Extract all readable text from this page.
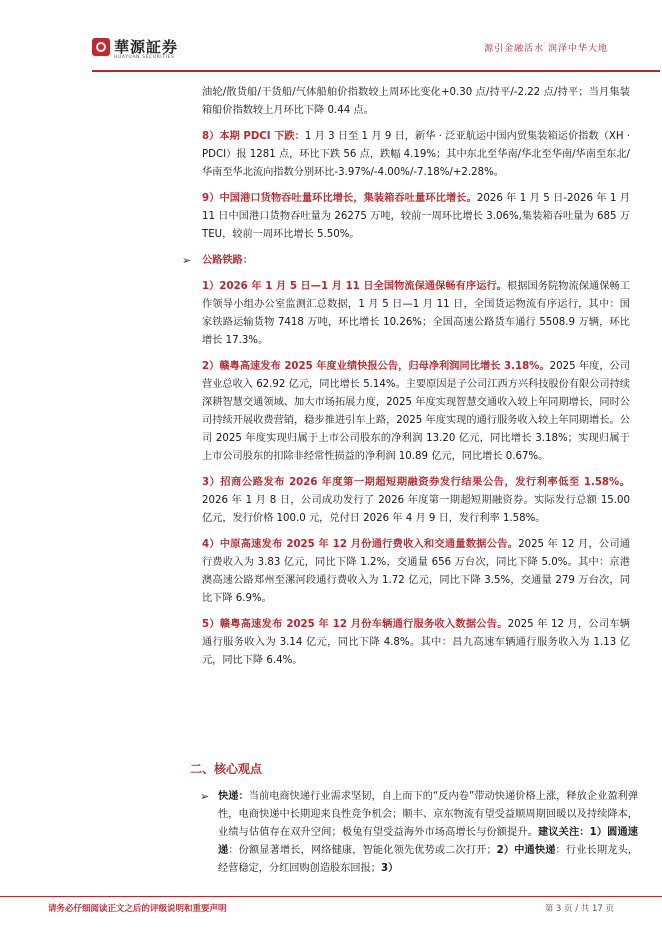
華源証券
HUAYUAN SECURITIES
源引金融活水 润泽中华大地

油轮/散货船/干货船/气体船舶价指数较上周环比变化+0.30 点/持平/-2.22 点/持平；当月集装箱船价指数较上月环比下降 0.44 点。

8）本期 PDCI 下跌：1 月 3 日至 1 月 9 日，新华 · 泛亚航运中国内贸集装箱运价指数（XH · PDCI）报 1281 点，环比下跌 56 点，跌幅 4.19%；其中东北至华南/华北至华南/华南至东北/华南至华北流向指数分别环比-3.97%/-4.00%/-7.18%/+2.28%。

9）中国港口货物吞吐量环比增长，集装箱吞吐量环比增长。2026 年 1 月 5 日-2026 年 1 月 11 日中国港口货物吞吐量为 26275 万吨，较前一周环比增长 3.06%,集装箱吞吐量为 685 万 TEU，较前一周环比增长 5.50%。

➢ 公路铁路：

1）2026 年 1 月 5 日—1 月 11 日全国物流保通保畅有序运行。根据国务院物流保通保畅工作领导小组办公室监测汇总数据，1 月 5 日—1 月 11 日，全国货运物流有序运行，其中：国家铁路运输货物 7418 万吨，环比增长 10.26%；全国高速公路货车通行 5508.9 万辆，环比增长 17.3%。

2）赣粤高速发布 2025 年度业绩快报公告，归母净利润同比增长 3.18%。2025 年度，公司营业总收入 62.92 亿元，同比增长 5.14%。主要原因是子公司江西方兴科技股份有限公司持续深耕智慧交通领域、加大市场拓展力度，2025 年度实现智慧交通收入较上年同期增长，同时公司持续开展收费营销，稳步推进引车上路，2025 年度实现的通行服务收入较上年同期增长。公司 2025 年度实现归属于上市公司股东的净利润 13.20 亿元，同比增长 3.18%；实现归属于上市公司股东的扣除非经常性损益的净利润 10.89 亿元，同比增长 0.67%。

3）招商公路发布 2026 年度第一期超短期融资券发行结果公告，发行利率低至 1.58%。2026 年 1 月 8 日，公司成功发行了 2026 年度第一期超短期融资券。实际发行总额 15.00 亿元，发行价格 100.0 元，兑付日 2026 年 4 月 9 日，发行利率 1.58%。

4）中原高速发布 2025 年 12 月份通行费收入和交通量数据公告。2025 年 12 月，公司通行费收入为 3.83 亿元，同比下降 1.2%，交通量 656 万台次，同比下降 5.0%。其中：京港澳高速公路郑州至漯河段通行费收入为 1.72 亿元，同比下降 3.5%，交通量 279 万台次，同比下降 6.9%。

5）赣粤高速发布 2025 年 12 月份车辆通行服务收入数据公告。2025 年 12 月，公司车辆通行服务收入为 3.14 亿元，同比下降 4.8%。其中：昌九高速车辆通行服务收入为 1.13 亿元，同比下降 6.4%。

二、核心观点
➢ 快递：当前电商快递行业需求坚韧，自上而下的“反内卷”带动快递价格上涨，释放企业盈利弹性，电商快递中长期迎来良性竞争机会；顺丰、京东物流有望受益顺周期回暖以及持续降本，业绩与估值存在双升空间；极兔有望受益海外市场高增长与份额提升。建议关注：1）圆通速递：份额显著增长，网络健康，智能化领先优势或二次打开；2）中通快递：行业长期龙头，经营稳定，分红回购创造股东回报；3）
请务必仔细阅读正文之后的评级说明和重要声明	第 3 页 / 共 17 页
